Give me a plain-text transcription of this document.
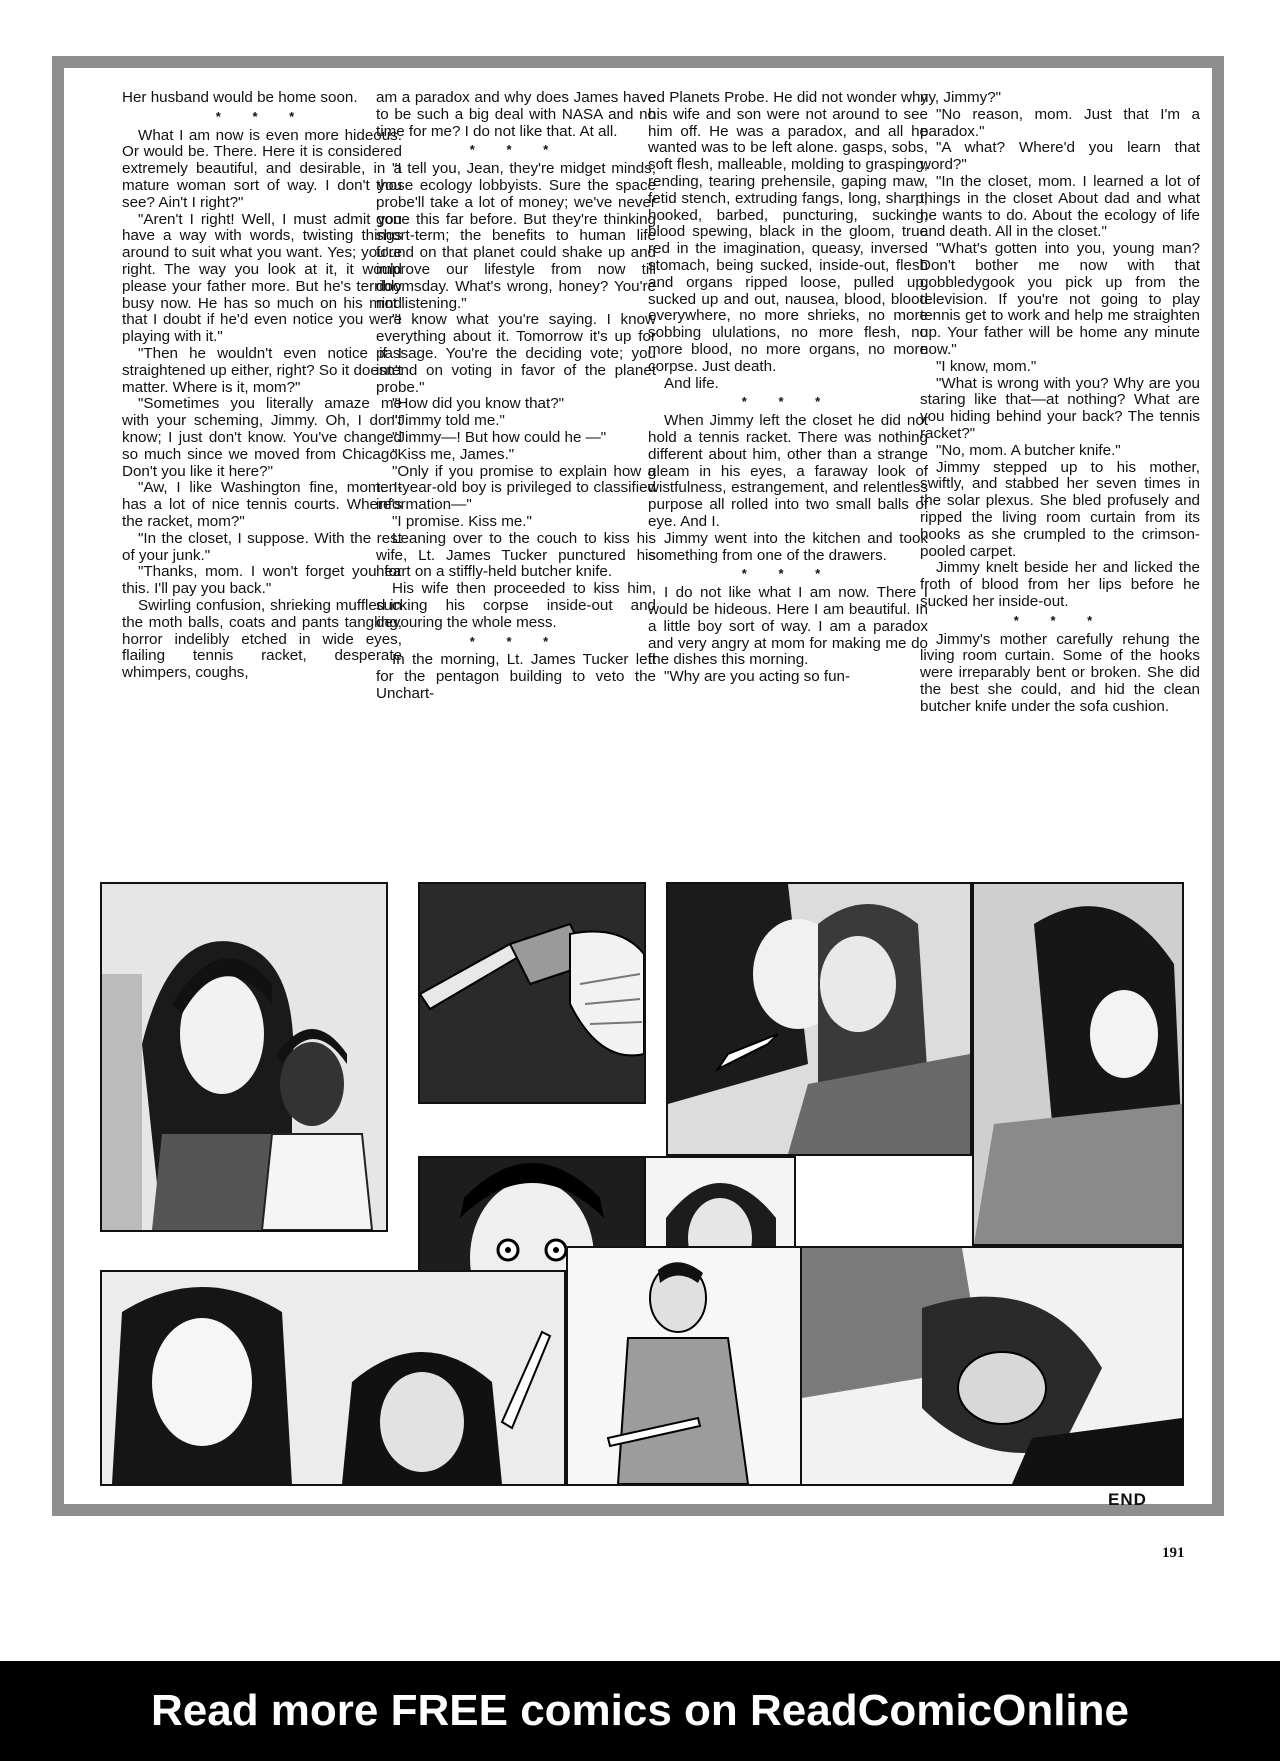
Her husband would be home soon.

* * *

What I am now is even more hideous. Or would be. There. Here it is considered extremely beautiful, and desirable, in a mature woman sort of way. I don't you see? Ain't I right?"

"Aren't I right! Well, I must admit you have a way with words, twisting things around to suit what you want. Yes; you're right. The way you look at it, it would please your father more. But he's terribly busy now. He has so much on his mind that I doubt if he'd even notice you were playing with it."

"Then he wouldn't even notice if I straightened up either, right? So it doesn't matter. Where is it, mom?"

"Sometimes you literally amaze me with your scheming, Jimmy. Oh, I don't know; I just don't know. You've changed so much since we moved from Chicago. Don't you like it here?"

"Aw, I like Washington fine, mom. It has a lot of nice tennis courts. Where's the racket, mom?"

"In the closet, I suppose. With the rest of your junk."

"Thanks, mom. I won't forget you for this. I'll pay you back."

Swirling confusion, shrieking muffled in the moth balls, coats and pants tangling, horror indelibly etched in wide eyes, flailing tennis racket, desperate whimpers, coughs,

am a paradox and why does James have to be such a big deal with NASA and no time for me? I do not like that. At all.

* * *

"I tell you, Jean, they're midget minds, those ecology lobbyists. Sure the space probe'll take a lot of money; we've never gone this far before. But they're thinking short-term; the benefits to human life found on that planet could shake up and improve our lifestyle from now till doomsday. What's wrong, honey? You're not listening."

"I know what you're saying. I know everything about it. Tomorrow it's up for passage. You're the deciding vote; you intend on voting in favor of the planet probe."

"How did you know that?"

"Jimmy told me."

"Jimmy—! But how could he —"

"Kiss me, James."

"Only if you promise to explain how a ten-year-old boy is privileged to classified information—"

"I promise. Kiss me."

Leaning over to the couch to kiss his wife, Lt. James Tucker punctured his heart on a stiffly-held butcher knife.

His wife then proceeded to kiss him, sucking his corpse inside-out and devouring the whole mess.

* * *

In the morning, Lt. James Tucker left for the pentagon building to veto the Unchart-

ed Planets Probe. He did not wonder why his wife and son were not around to see him off. He was a paradox, and all he wanted was to be left alone. gasps, sobs, soft flesh, malleable, molding to grasping, rending, tearing prehensile, gaping maw, fetid stench, extruding fangs, long, sharp, hooked, barbed, puncturing, sucking, blood spewing, black in the gloom, true red in the imagination, queasy, inversed stomach, being sucked, inside-out, flesh and organs ripped loose, pulled up, sucked up and out, nausea, blood, blood everywhere, no more shrieks, no more sobbing ululations, no more flesh, no more blood, no more organs, no more corpse. Just death.

And life.

* * *

When Jimmy left the closet he did not hold a tennis racket. There was nothing different about him, other than a strange gleam in his eyes, a faraway look of wistfulness, estrangement, and relentless purpose all rolled into two small balls of eye. And I.

Jimmy went into the kitchen and took something from one of the drawers.

* * *

I do not like what I am now. There I would be hideous. Here I am beautiful. In a little boy sort of way. I am a paradox and very angry at mom for making me do the dishes this morning.

"Why are you acting so fun-

ny, Jimmy?"

"No reason, mom. Just that I'm a paradox."

"A what? Where'd you learn that word?"

"In the closet, mom. I learned a lot of things in the closet About dad and what he wants to do. About the ecology of life and death. All in the closet."

"What's gotten into you, young man? Don't bother me now with that gobbledygook you pick up from the television. If you're not going to play tennis get to work and help me straighten up. Your father will be home any minute now."

"I know, mom."

"What is wrong with you? Why are you staring like that—at nothing? What are you hiding behind your back? The tennis racket?"

"No, mom. A butcher knife."

Jimmy stepped up to his mother, swiftly, and stabbed her seven times in the solar plexus. She bled profusely and ripped the living room curtain from its hooks as she crumpled to the crimson-pooled carpet.

Jimmy knelt beside her and licked the froth of blood from her lips before he sucked her inside-out.

* * *

Jimmy's mother carefully rehung the living room curtain. Some of the hooks were irreparably bent or broken. She did the best she could, and hid the clean butcher knife under the sofa cushion.

END
191
Read more FREE comics on ReadComicOnline
